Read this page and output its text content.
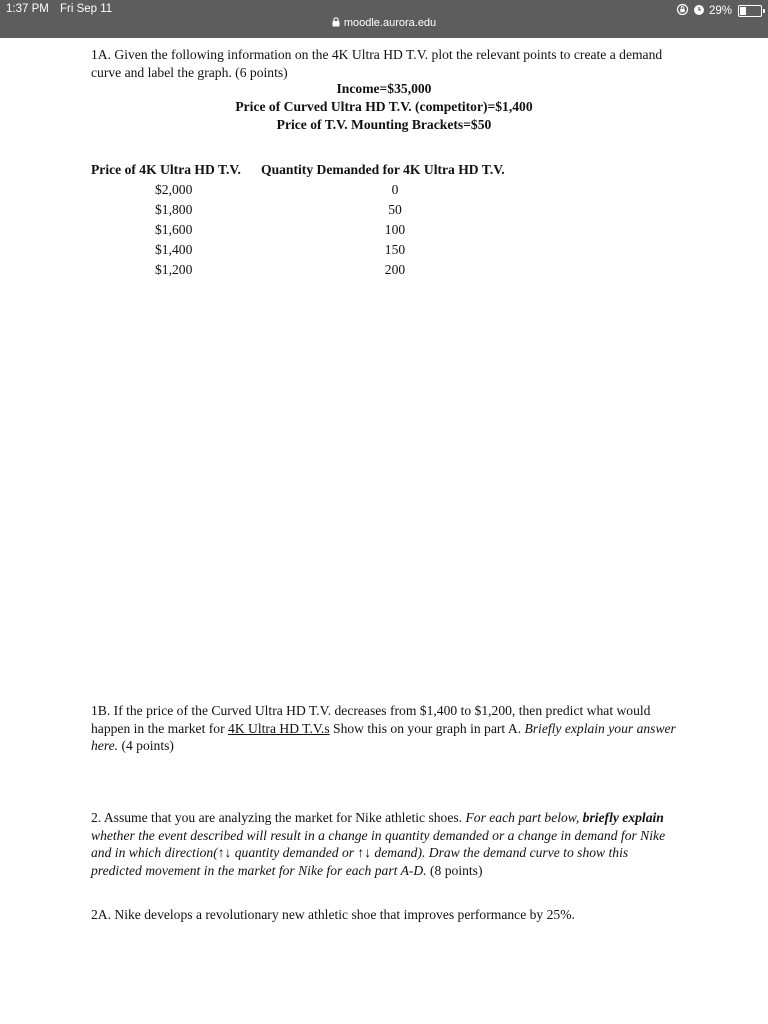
1:37 PM Fri Sep 11
moodle.aurora.edu
29%

1A. Given the following information on the 4K Ultra HD T.V. plot the relevant points to create a demand curve and label the graph. (6 points)

Income=$35,000
Price of Curved Ultra HD T.V. (competitor)=$1,400
Price of T.V. Mounting Brackets=$50
Price of 4K Ultra HD T.V. Quantity Demanded for 4K Ultra HD T.V.
$2,000	0
$1,800	50
$1,600	100
$1,400	150
$1,200	200

1B. If the price of the Curved Ultra HD T.V. decreases from $1,400 to $1,200, then predict what would happen in the market for 4K Ultra HD T.V.s Show this on your graph in part A. Briefly explain your answer here. (4 points)

2. Assume that you are analyzing the market for Nike athletic shoes. For each part below, briefly explain whether the event described will result in a change in quantity demanded or a change in demand for Nike and in which direction(↑↓ quantity demanded or ↑↓ demand). Draw the demand curve to show this predicted movement in the market for Nike for each part A-D. (8 points)

2A. Nike develops a revolutionary new athletic shoe that improves performance by 25%.
